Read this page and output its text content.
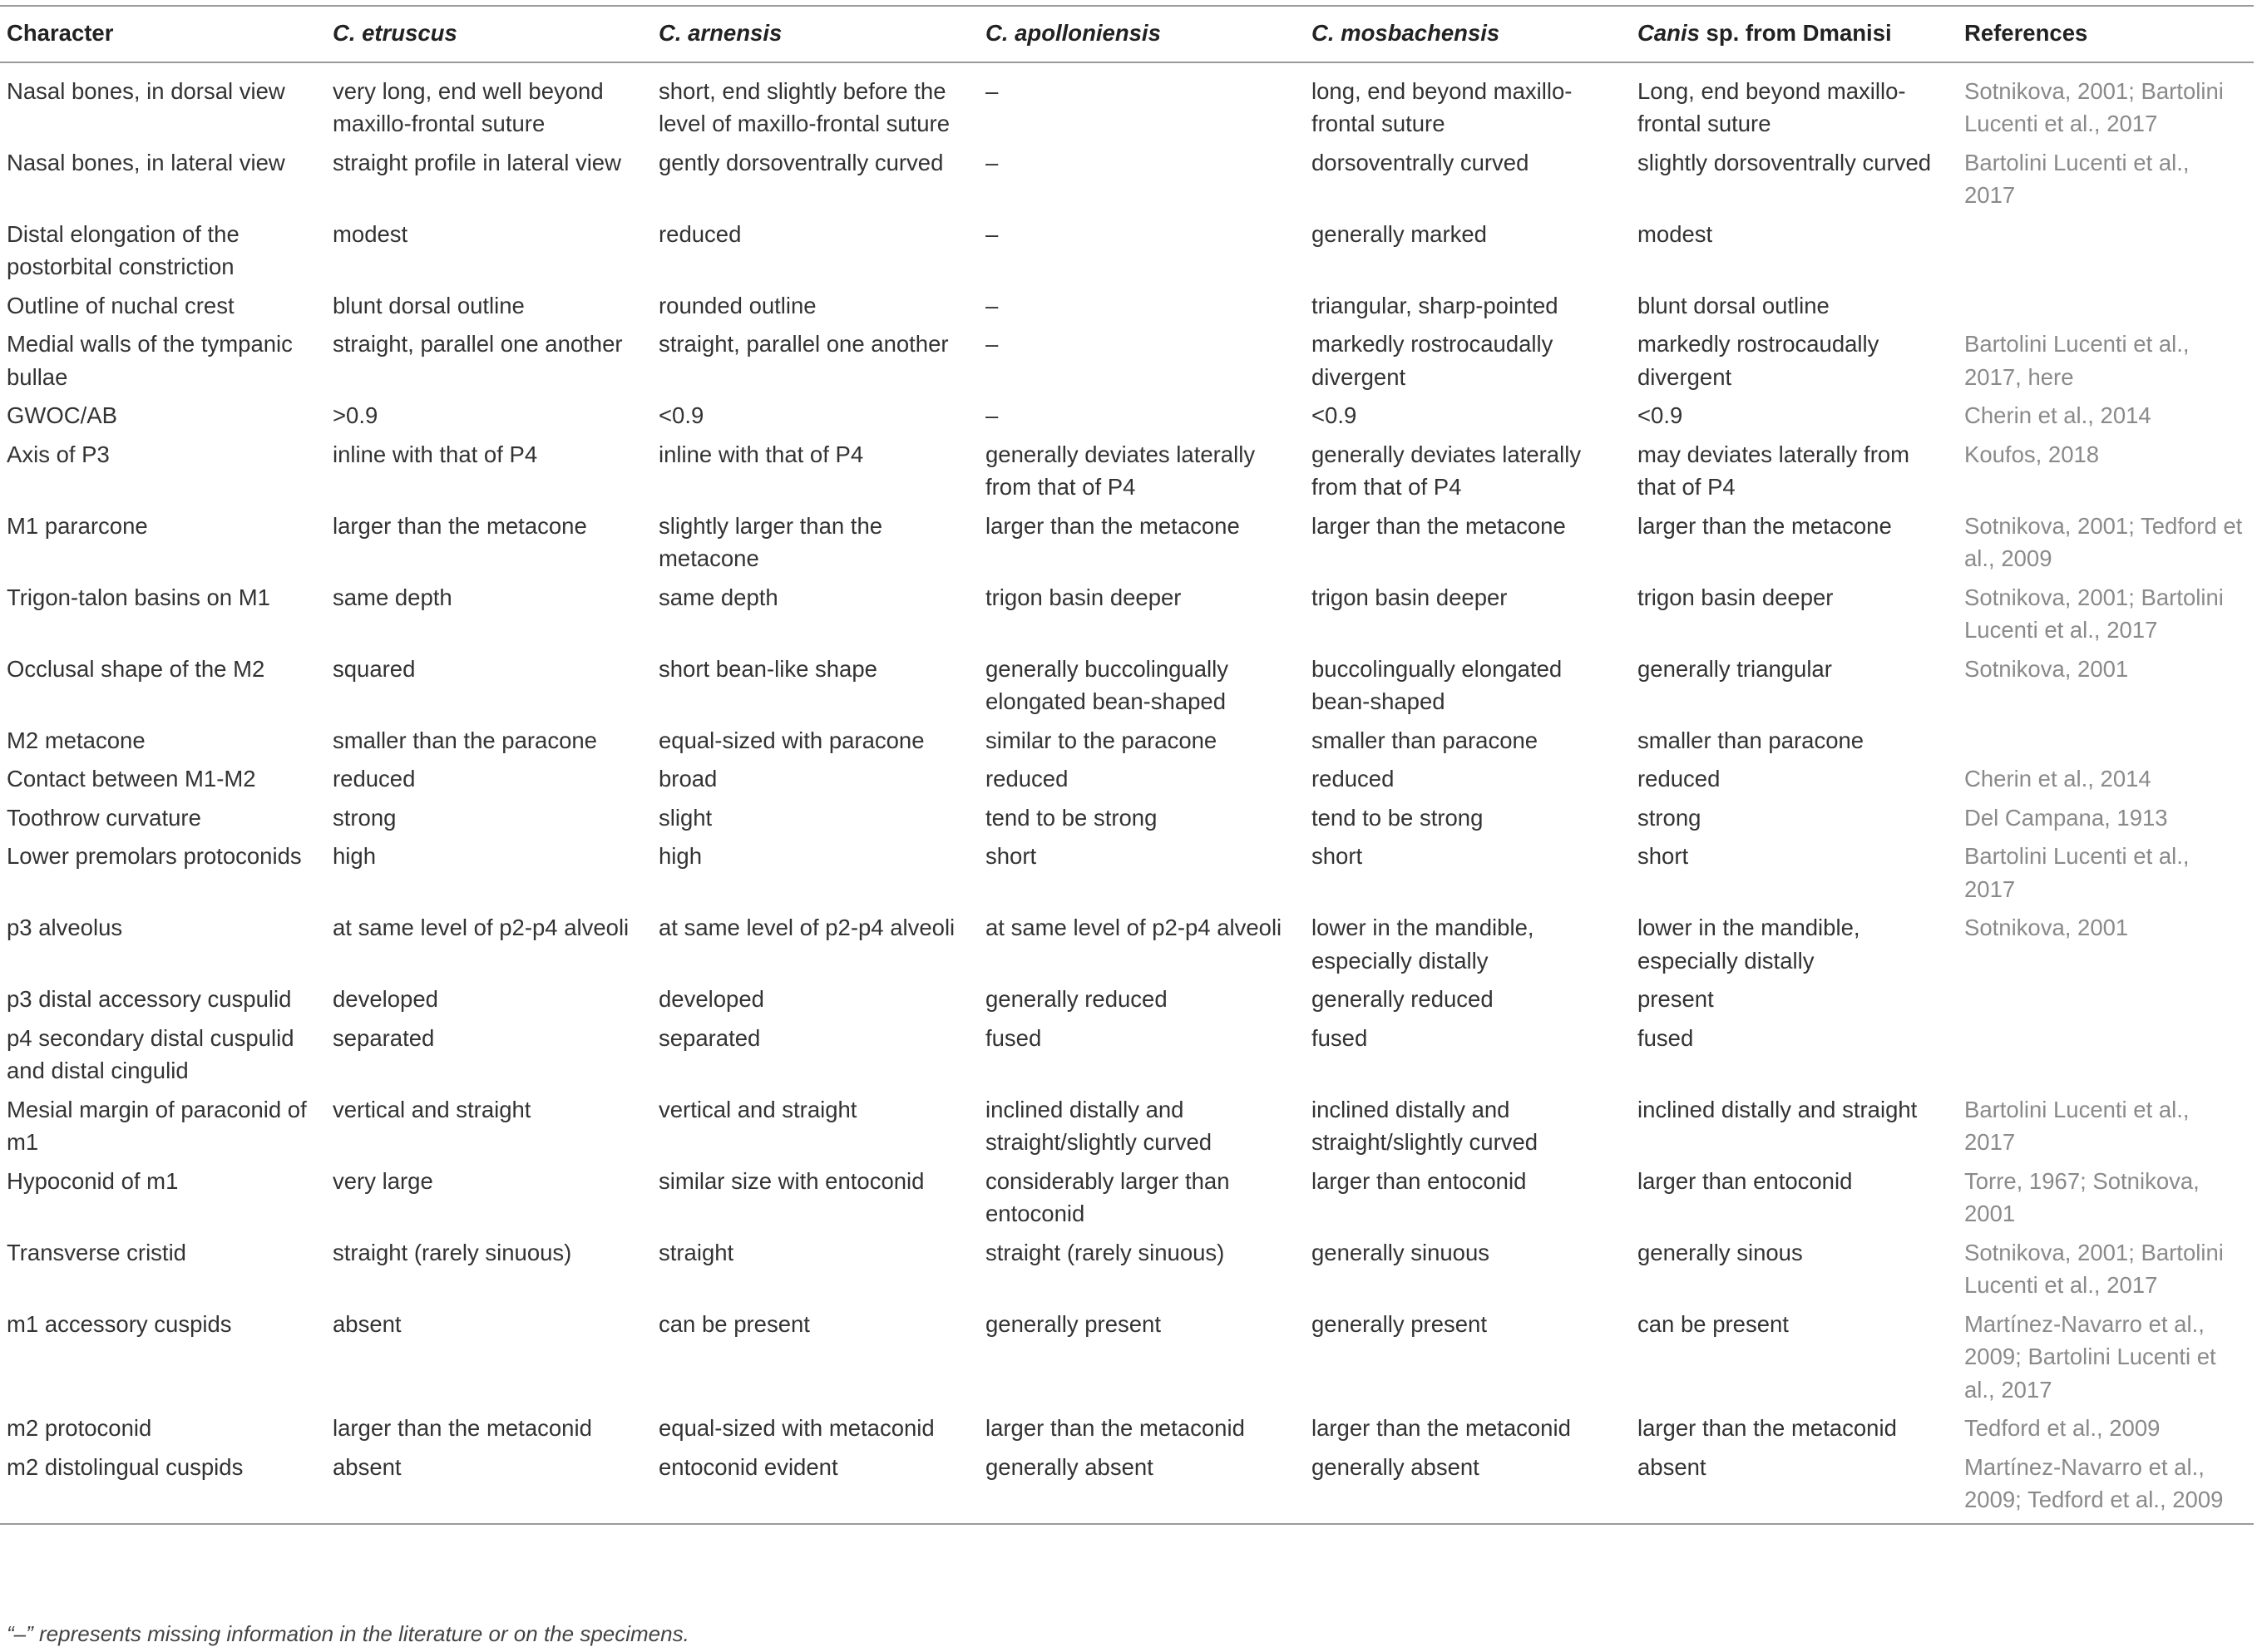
Character	C. etruscus	C. arnensis	C. apolloniensis	C. mosbachensis	Canis sp. from Dmanisi	References
Nasal bones, in dorsal view	very long, end well beyond maxillo-frontal suture	short, end slightly before the level of maxillo-frontal suture	–	long, end beyond maxillo-frontal suture	Long, end beyond maxillo-frontal suture	Sotnikova, 2001; Bartolini Lucenti et al., 2017
Nasal bones, in lateral view	straight profile in lateral view	gently dorsoventrally curved	–	dorsoventrally curved	slightly dorsoventrally curved	Bartolini Lucenti et al., 2017
Distal elongation of the postorbital constriction	modest	reduced	–	generally marked	modest	
Outline of nuchal crest	blunt dorsal outline	rounded outline	–	triangular, sharp-pointed	blunt dorsal outline	
Medial walls of the tympanic bullae	straight, parallel one another	straight, parallel one another	–	markedly rostrocaudally divergent	markedly rostrocaudally divergent	Bartolini Lucenti et al., 2017, here
GWOC/AB	>0.9	<0.9	–	<0.9	<0.9	Cherin et al., 2014
Axis of P3	inline with that of P4	inline with that of P4	generally deviates laterally from that of P4	generally deviates laterally from that of P4	may deviates laterally from that of P4	Koufos, 2018
M1 pararcone	larger than the metacone	slightly larger than the metacone	larger than the metacone	larger than the metacone	larger than the metacone	Sotnikova, 2001; Tedford et al., 2009
Trigon-talon basins on M1	same depth	same depth	trigon basin deeper	trigon basin deeper	trigon basin deeper	Sotnikova, 2001; Bartolini Lucenti et al., 2017
Occlusal shape of the M2	squared	short bean-like shape	generally buccolingually elongated bean-shaped	buccolingually elongated bean-shaped	generally triangular	Sotnikova, 2001
M2 metacone	smaller than the paracone	equal-sized with paracone	similar to the paracone	smaller than paracone	smaller than paracone	
Contact between M1-M2	reduced	broad	reduced	reduced	reduced	Cherin et al., 2014
Toothrow curvature	strong	slight	tend to be strong	tend to be strong	strong	Del Campana, 1913
Lower premolars protoconids	high	high	short	short	short	Bartolini Lucenti et al., 2017
p3 alveolus	at same level of p2-p4 alveoli	at same level of p2-p4 alveoli	at same level of p2-p4 alveoli	lower in the mandible, especially distally	lower in the mandible, especially distally	Sotnikova, 2001
p3 distal accessory cuspulid	developed	developed	generally reduced	generally reduced	present	
p4 secondary distal cuspulid and distal cingulid	separated	separated	fused	fused	fused	
Mesial margin of paraconid of m1	vertical and straight	vertical and straight	inclined distally and straight/slightly curved	inclined distally and straight/slightly curved	inclined distally and straight	Bartolini Lucenti et al., 2017
Hypoconid of m1	very large	similar size with entoconid	considerably larger than entoconid	larger than entoconid	larger than entoconid	Torre, 1967; Sotnikova, 2001
Transverse cristid	straight (rarely sinuous)	straight	straight (rarely sinuous)	generally sinuous	generally sinous	Sotnikova, 2001; Bartolini Lucenti et al., 2017
m1 accessory cuspids	absent	can be present	generally present	generally present	can be present	Martínez-Navarro et al., 2009; Bartolini Lucenti et al., 2017
m2 protoconid	larger than the metaconid	equal-sized with metaconid	larger than the metaconid	larger than the metaconid	larger than the metaconid	Tedford et al., 2009
m2 distolingual cuspids	absent	entoconid evident	generally absent	generally absent	absent	Martínez-Navarro et al., 2009; Tedford et al., 2009
“–” represents missing information in the literature or on the specimens.
